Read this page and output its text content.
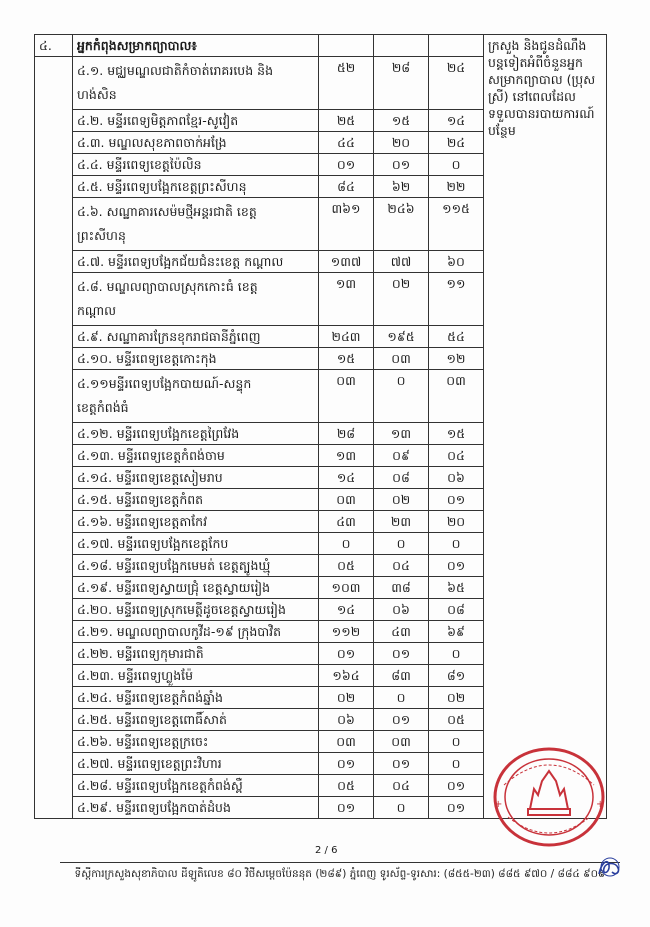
៤.	អ្នកកំពុងសម្រាកព្យាបាល៖				ក្រសួង និងជូនដំណឹងបន្តទៀតអំពីចំនួនអ្នកសម្រាកព្យាបាល (ប្រុស ស្រី) នៅពេលដែលទទួលបានរបាយការណ៍បន្ថែម

	៤.១. មជ្ឈមណ្ឌលជាតិកំចាត់រោគរបេង និង
ហង់សិន	៥២	២៨	២៤	

	៤.២. មន្ទីរពេទ្យមិត្តភាពខ្មែរ-សូវៀត	២៥	១៥	១៤	

	៤.៣. មណ្ឌលសុខភាពចាក់អង្រែ	៤៤	២០	២៤	

	៤.៤. មន្ទីរពេទ្យខេត្តប៉ៃលិន	០១	០១	០	

	៤.៥. មន្ទីរពេទ្យបង្អែកខេត្តព្រះសីហនុ	៨៤	៦២	២២	

	៤.៦. សណ្ឋាគារសេម៉មថ្មីអន្តរជាតិ ខេត្ត
ព្រះសីហនុ	៣៦១	២៤៦	១១៥	

	៤.៧. មន្ទីរពេទ្យបង្អែកជ័យជំនះខេត្ត កណ្ដាល	១៣៧	៧៧	៦០	

	៤.៨. មណ្ឌលព្យាបាលស្រុកកោះធំ ខេត្ត
កណ្ដាល	១៣	០២	១១	

	៤.៩. សណ្ឋាគារក្រែនខុករាជធានីភ្នំពេញ	២៤៣	១៩៥	៥៤	

	៤.១០. មន្ទីរពេទ្យខេត្តកោះកុង	១៥	០៣	១២	

	៤.១១មន្ទីរពេទ្យបង្អែកបាយណ៍-សន្ទុក
ខេត្តកំពង់ធំ	០៣	០	០៣	

	៤.១២. មន្ទីរពេទ្យបង្អែកខេត្តព្រៃវែង	២៨	១៣	១៥	

	៤.១៣. មន្ទីរពេទ្យខេត្តកំពង់ចាម	១៣	០៩	០៤	

	៤.១៤. មន្ទីរពេទ្យខេត្តសៀមរាប	១៤	០៨	០៦	

	៤.១៥. មន្ទីរពេទ្យខេត្តកំពត	០៣	០២	០១	

	៤.១៦. មន្ទីរពេទ្យខេត្តតាកែវ	៤៣	២៣	២០	

	៤.១៧. មន្ទីរពេទ្យបង្អែកខេត្តកែប	០	០	០	

	៤.១៨. មន្ទីរពេទ្យបង្អែកមេមត់ ខេត្តត្បូងឃ្មុំ	០៥	០៤	០១	

	៤.១៩. មន្ទីរពេទ្យស្វាយជ្រុំ ខេត្តស្វាយរៀង	១០៣	៣៨	៦៥	

	៤.២០. មន្ទីរពេទ្យស្រុកមេត្តីដូចខេត្តស្វាយរៀង	១៤	០៦	០៨	

	៤.២១. មណ្ឌលព្យាបាលកូវីដ-១៩ ក្រុងបាវិត	១១២	៤៣	៦៩	

	៤.២២. មន្ទីរពេទ្យកុមារជាតិ	០១	០១	០	

	៤.២៣. មន្ទីរពេទ្យហ្លួងម៉ែ	១៦៤	៨៣	៨១	

	៤.២៤. មន្ទីរពេទ្យខេត្តកំពង់ឆ្នាំង	០២	០	០២	

	៤.២៥. មន្ទីរពេទ្យខេត្តពោធិ៍សាត់	០៦	០១	០៥	

	៤.២៦. មន្ទីរពេទ្យខេត្តក្រចេះ	០៣	០៣	០	

	៤.២៧. មន្ទីរពេទ្យខេត្តព្រះវិហារ	០១	០១	០	

	៤.២៨. មន្ទីរពេទ្យបង្អែកខេត្តកំពង់ស្ពឺ	០៥	០៤	០១	

	៤.២៩. មន្ទីរពេទ្យបង្អែកបាត់ដំបង	០១	០	០១	
2 / 6
ទីស្តីការក្រសួងសុខាភិបាល ដីឡូតិលេខ ៨០ វិថីសម្ដេចប៉ែននុត (២៨៩) ភ្នំពេញ ទូរស័ព្ទ-ទូរសារ: (៨៥៥-២៣) ៨៨៥ ៩៧០ / ៨៨៤ ៩០៩
+	+
